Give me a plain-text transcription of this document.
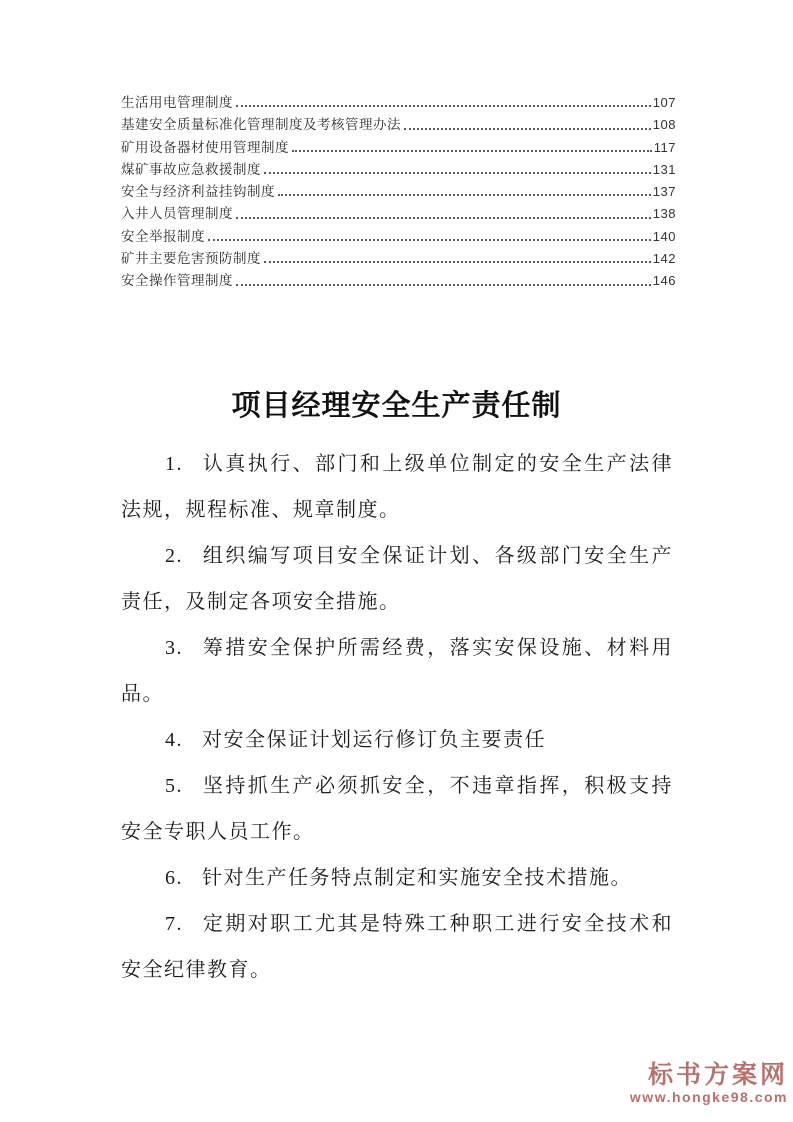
生活用电管理制度	107
基建安全质量标准化管理制度及考核管理办法	108
矿用设备器材使用管理制度	117
煤矿事故应急救援制度	131
安全与经济利益挂钩制度	137
入井人员管理制度	138
安全举报制度	140
矿井主要危害预防制度	142
安全操作管理制度	146
项目经理安全生产责任制

1. 认真执行、部门和上级单位制定的安全生产法律法规，规程标准、规章制度。

2. 组织编写项目安全保证计划、各级部门安全生产责任，及制定各项安全措施。

3. 筹措安全保护所需经费，落实安保设施、材料用品。

4. 对安全保证计划运行修订负主要责任

5. 坚持抓生产必须抓安全，不违章指挥，积极支持安全专职人员工作。

6. 针对生产任务特点制定和实施安全技术措施。

7. 定期对职工尤其是特殊工种职工进行安全技术和安全纪律教育。

标书方案网
www.hongke98.com
